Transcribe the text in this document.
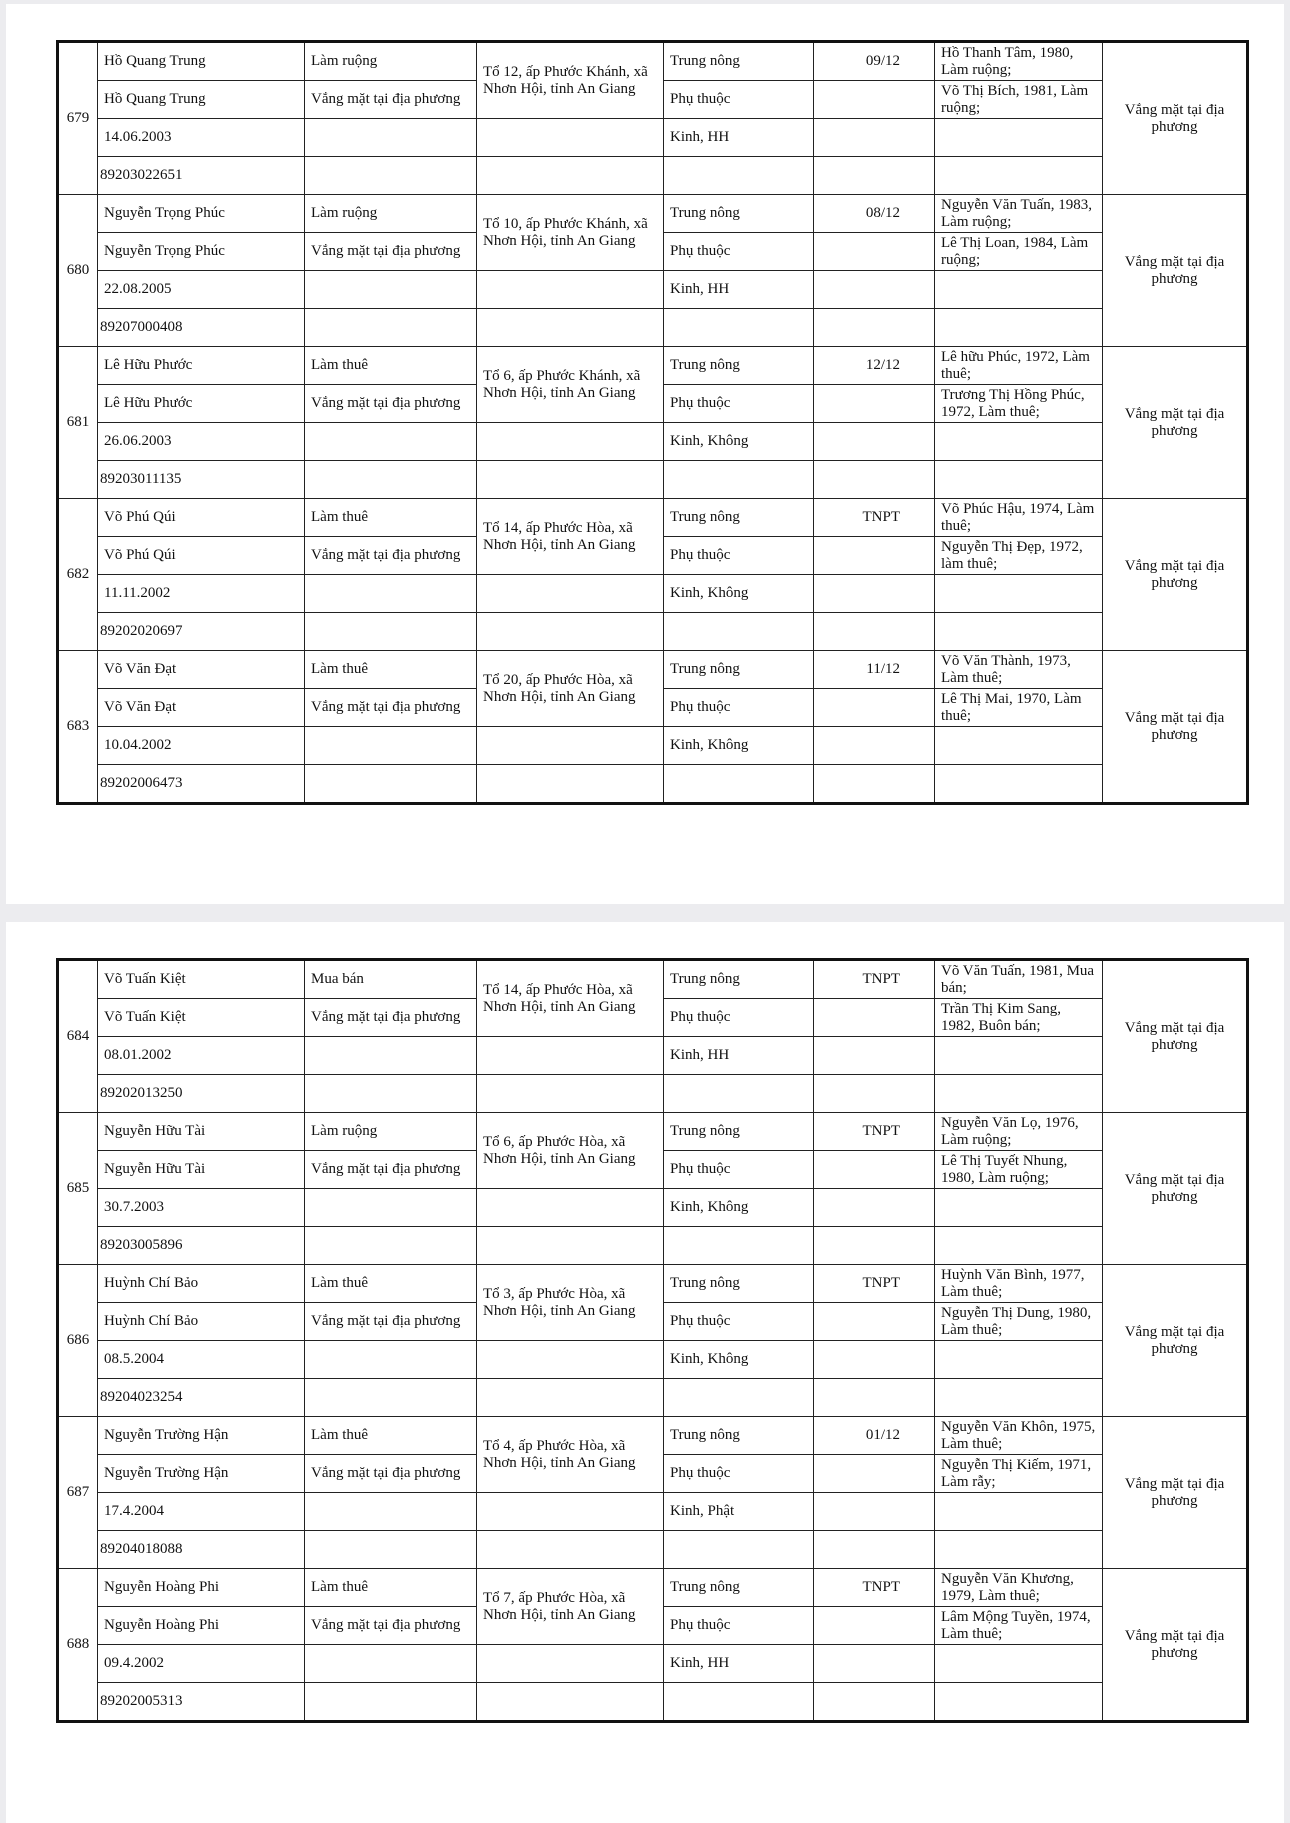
679	Hồ Quang Trung	Làm ruộng	Tổ 12, ấp Phước Khánh, xã Nhơn Hội, tỉnh An Giang	Trung nông	09/12	Hồ Thanh Tâm, 1980, Làm ruộng;	Vắng mặt tại địa phương
	Hồ Quang Trung	Vắng mặt tại địa phương		Phụ thuộc		Võ Thị Bích, 1981, Làm ruộng;	
	14.06.2003			Kinh, HH			
	89203022651						
680	Nguyễn Trọng Phúc	Làm ruộng	Tổ 10, ấp Phước Khánh, xã Nhơn Hội, tỉnh An Giang	Trung nông	08/12	Nguyễn Văn Tuấn, 1983, Làm ruộng;	Vắng mặt tại địa phương
	Nguyễn Trọng Phúc	Vắng mặt tại địa phương		Phụ thuộc		Lê Thị Loan, 1984, Làm ruộng;	
	22.08.2005			Kinh, HH			
	89207000408						
681	Lê Hữu Phước	Làm thuê	Tổ 6, ấp Phước Khánh, xã Nhơn Hội, tỉnh An Giang	Trung nông	12/12	Lê hữu Phúc, 1972, Làm thuê;	Vắng mặt tại địa phương
	Lê Hữu Phước	Vắng mặt tại địa phương		Phụ thuộc		Trương Thị Hồng Phúc, 1972, Làm thuê;	
	26.06.2003			Kinh, Không			
	89203011135						
682	Võ Phú Qúi	Làm thuê	Tổ 14, ấp Phước Hòa, xã Nhơn Hội, tỉnh An Giang	Trung nông	TNPT	Võ Phúc Hậu, 1974, Làm thuê;	Vắng mặt tại địa phương
	Võ Phú Qúi	Vắng mặt tại địa phương		Phụ thuộc		Nguyễn Thị Đẹp, 1972, làm thuê;	
	11.11.2002			Kinh, Không			
	89202020697						
683	Võ Văn Đạt	Làm thuê	Tổ 20, ấp Phước Hòa, xã Nhơn Hội, tỉnh An Giang	Trung nông	11/12	Võ Văn Thành, 1973, Làm thuê;	Vắng mặt tại địa phương
	Võ Văn Đạt	Vắng mặt tại địa phương		Phụ thuộc		Lê Thị Mai, 1970, Làm thuê;	
	10.04.2002			Kinh, Không			
	89202006473						
684	Võ Tuấn Kiệt	Mua bán	Tổ 14, ấp Phước Hòa, xã Nhơn Hội, tỉnh An Giang	Trung nông	TNPT	Võ Văn Tuấn, 1981, Mua bán;	Vắng mặt tại địa phương
	Võ Tuấn Kiệt	Vắng mặt tại địa phương		Phụ thuộc		Trần Thị Kim Sang, 1982, Buôn bán;	
	08.01.2002			Kinh, HH			
	89202013250						
685	Nguyễn Hữu Tài	Làm ruộng	Tổ 6, ấp Phước Hòa, xã Nhơn Hội, tỉnh An Giang	Trung nông	TNPT	Nguyễn Văn Lọ, 1976, Làm ruộng;	Vắng mặt tại địa phương
	Nguyễn Hữu Tài	Vắng mặt tại địa phương		Phụ thuộc		Lê Thị Tuyết Nhung, 1980, Làm ruộng;	
	30.7.2003			Kinh, Không			
	89203005896						
686	Huỳnh Chí Bảo	Làm thuê	Tổ 3, ấp Phước Hòa, xã Nhơn Hội, tỉnh An Giang	Trung nông	TNPT	Huỳnh Văn Bình, 1977, Làm thuê;	Vắng mặt tại địa phương
	Huỳnh Chí Bảo	Vắng mặt tại địa phương		Phụ thuộc		Nguyễn Thị Dung, 1980, Làm thuê;	
	08.5.2004			Kinh, Không			
	89204023254						
687	Nguyễn Trường Hận	Làm thuê	Tổ 4, ấp Phước Hòa, xã Nhơn Hội, tỉnh An Giang	Trung nông	01/12	Nguyễn Văn Khôn, 1975, Làm thuê;	Vắng mặt tại địa phương
	Nguyễn Trường Hận	Vắng mặt tại địa phương		Phụ thuộc		Nguyễn Thị Kiếm, 1971, Làm rẫy;	
	17.4.2004			Kinh, Phật			
	89204018088						
688	Nguyễn Hoàng Phi	Làm thuê	Tổ 7, ấp Phước Hòa, xã Nhơn Hội, tỉnh An Giang	Trung nông	TNPT	Nguyễn Văn Khương, 1979, Làm thuê;	Vắng mặt tại địa phương
	Nguyễn Hoàng Phi	Vắng mặt tại địa phương		Phụ thuộc		Lâm Mộng Tuyền, 1974, Làm thuê;	
	09.4.2002			Kinh, HH			
	89202005313						
